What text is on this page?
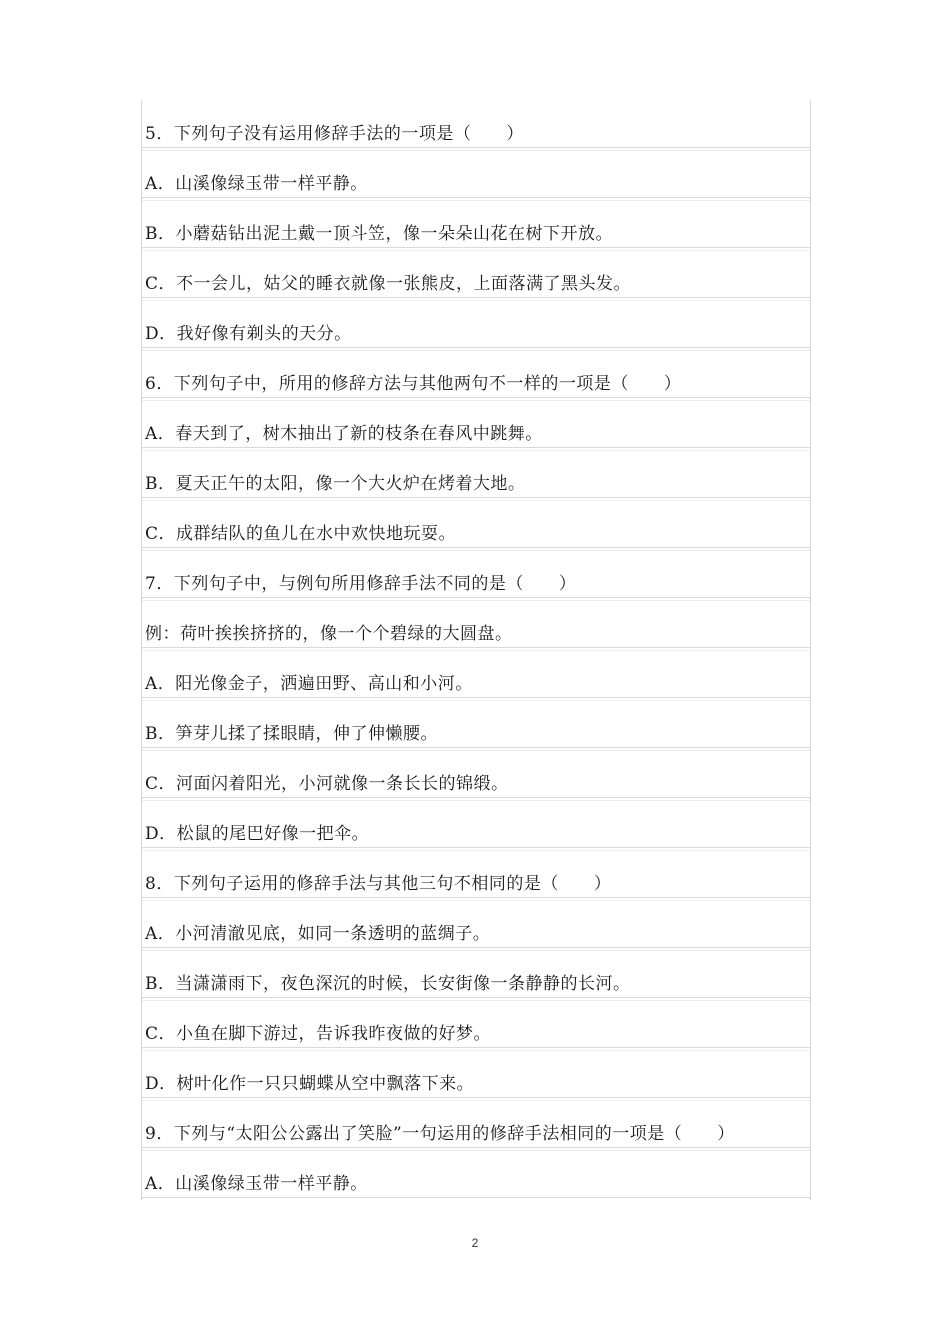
5．下列句子没有运用修辞手法的一项是（　　）
A．山溪像绿玉带一样平静。
B．小蘑菇钻出泥土戴一顶斗笠，像一朵朵山花在树下开放。
C．不一会儿，姑父的睡衣就像一张熊皮，上面落满了黑头发。
D．我好像有剃头的天分。
6．下列句子中，所用的修辞方法与其他两句不一样的一项是（　　）
A．春天到了，树木抽出了新的枝条在春风中跳舞。
B．夏天正午的太阳，像一个大火炉在烤着大地。
C．成群结队的鱼儿在水中欢快地玩耍。
7．下列句子中，与例句所用修辞手法不同的是（　　）
例：荷叶挨挨挤挤的，像一个个碧绿的大圆盘。
A．阳光像金子，洒遍田野、高山和小河。
B．笋芽儿揉了揉眼睛，伸了伸懒腰。
C．河面闪着阳光，小河就像一条长长的锦缎。
D．松鼠的尾巴好像一把伞。
8．下列句子运用的修辞手法与其他三句不相同的是（　　）
A．小河清澈见底，如同一条透明的蓝绸子。
B．当潇潇雨下，夜色深沉的时候，长安街像一条静静的长河。
C．小鱼在脚下游过，告诉我昨夜做的好梦。
D．树叶化作一只只蝴蝶从空中飘落下来。
9．下列与“太阳公公露出了笑脸”一句运用的修辞手法相同的一项是（　　）
A．山溪像绿玉带一样平静。
2
